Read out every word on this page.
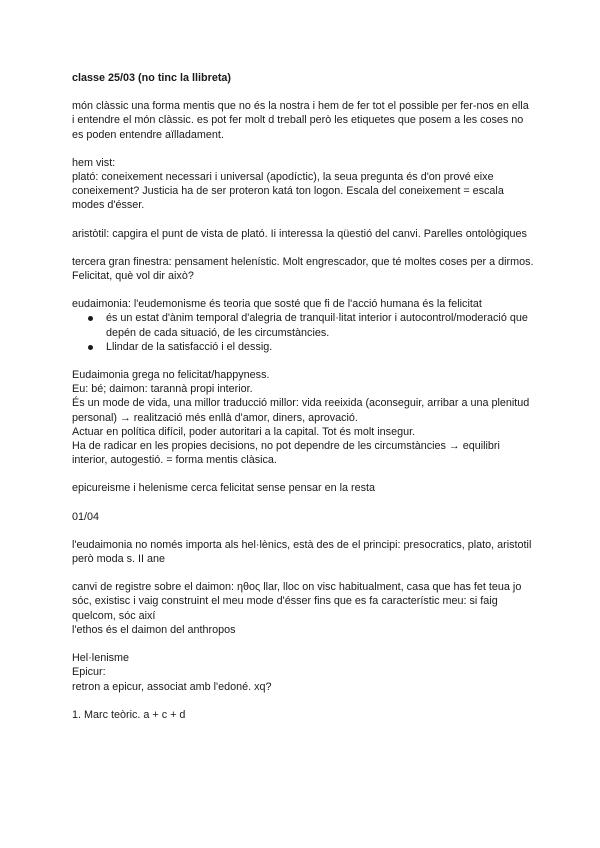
classe 25/03 (no tinc la llibreta)

món clàssic una forma mentis que no és la nostra i hem de fer tot el possible per fer-nos en ella i entendre el món clàssic. es pot fer molt d treball però les etiquetes que posem a les coses no es poden entendre aïlladament.

hem vist:

plató: coneixement necessari i universal (apodíctic), la seua pregunta és d'on prové eixe coneixement? Justicia ha de ser proteron katá ton logon. Escala del coneixement = escala modes d'ésser.

aristòtil: capgira el punt de vista de plató. Ii interessa la qüestió del canvi. Parelles ontològiques

tercera gran finestra: pensament helenístic. Molt engrescador, que té moltes coses per a dirmos. Felicitat, què vol dir això?

eudaimonia: l'eudemonisme és teoria que sosté que fi de l'acció humana és la felicitat

és un estat d'ànim temporal d'alegria de tranquil·litat interior i autocontrol/moderació que depén de cada situació, de les circumstàncies.
Llindar de la satisfacció i el dessig.

Eudaimonia grega no felicitat/happyness.

Eu: bé; daimon: tarannà propi interior.

És un mode de vida, una millor traducció millor: vida reeixida (aconseguir, arribar a una plenitud personal) → realització més enllà d'amor, diners, aprovació.

Actuar en política difícil, poder autoritari a la capital. Tot és molt insegur.

Ha de radicar en les propies decisions, no pot dependre de les circumstàncies → equilibri interior, autogestió. = forma mentis clàsica.

epicureisme i helenisme cerca felicitat sense pensar en la resta

01/04

l'eudaimonia no només importa als hel·lènics, està des de el principi: presocratics, plato, aristotil però moda s. II ane

canvi de registre sobre el daimon: ηθος llar, lloc on visc habitualment, casa que has fet teua jo sóc, existisc i vaig construint el meu mode d'ésser fins que es fa característic meu: si faig quelcom, sóc així

l'ethos és el daimon del anthropos

Hel·lenisme

Epicur:

retron a epicur, associat amb l'edoné. xq?

1. Marc teòric. a + c + d
